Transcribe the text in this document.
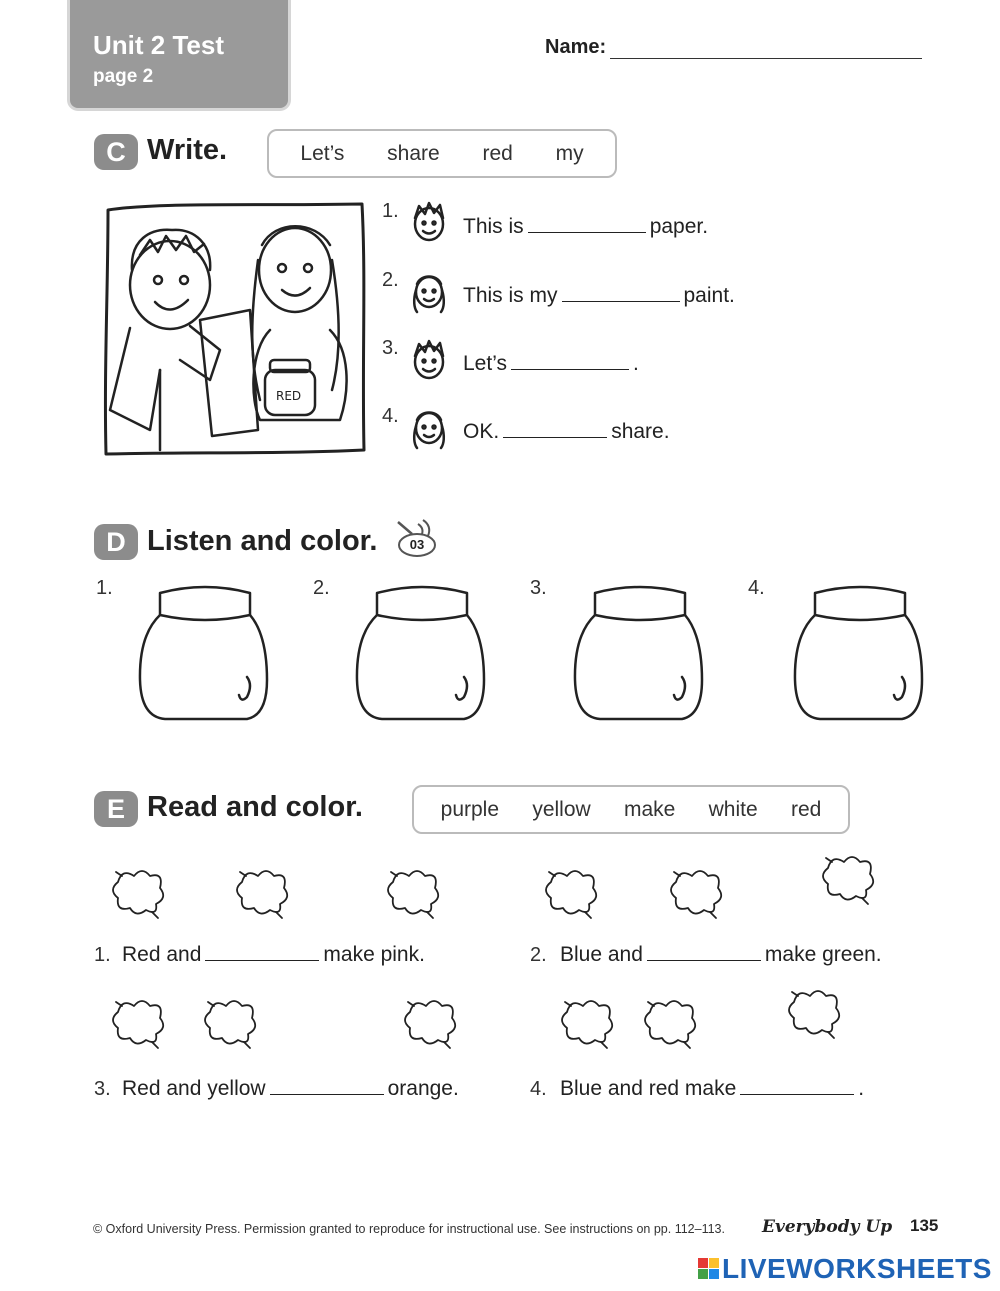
Unit 2 Test
page 2
Name:
C Write.	Let’s share red my
RED
1.
This is	paper.
2.
This is my	paint.
3.
Let’s	.
4.
OK.	share.
D Listen and color.	03
1.	2.	3.	4.
E Read and color.	purple yellow make white red
1. Red and	make pink.	2. Blue and	make green.
3. Red and yellow	orange.	4. Blue and red make	.
© Oxford University Press. Permission granted to reproduce for instructional use. See instructions on pp. 112–113. Everybody Up 135
LIVEWORKSHEETS
